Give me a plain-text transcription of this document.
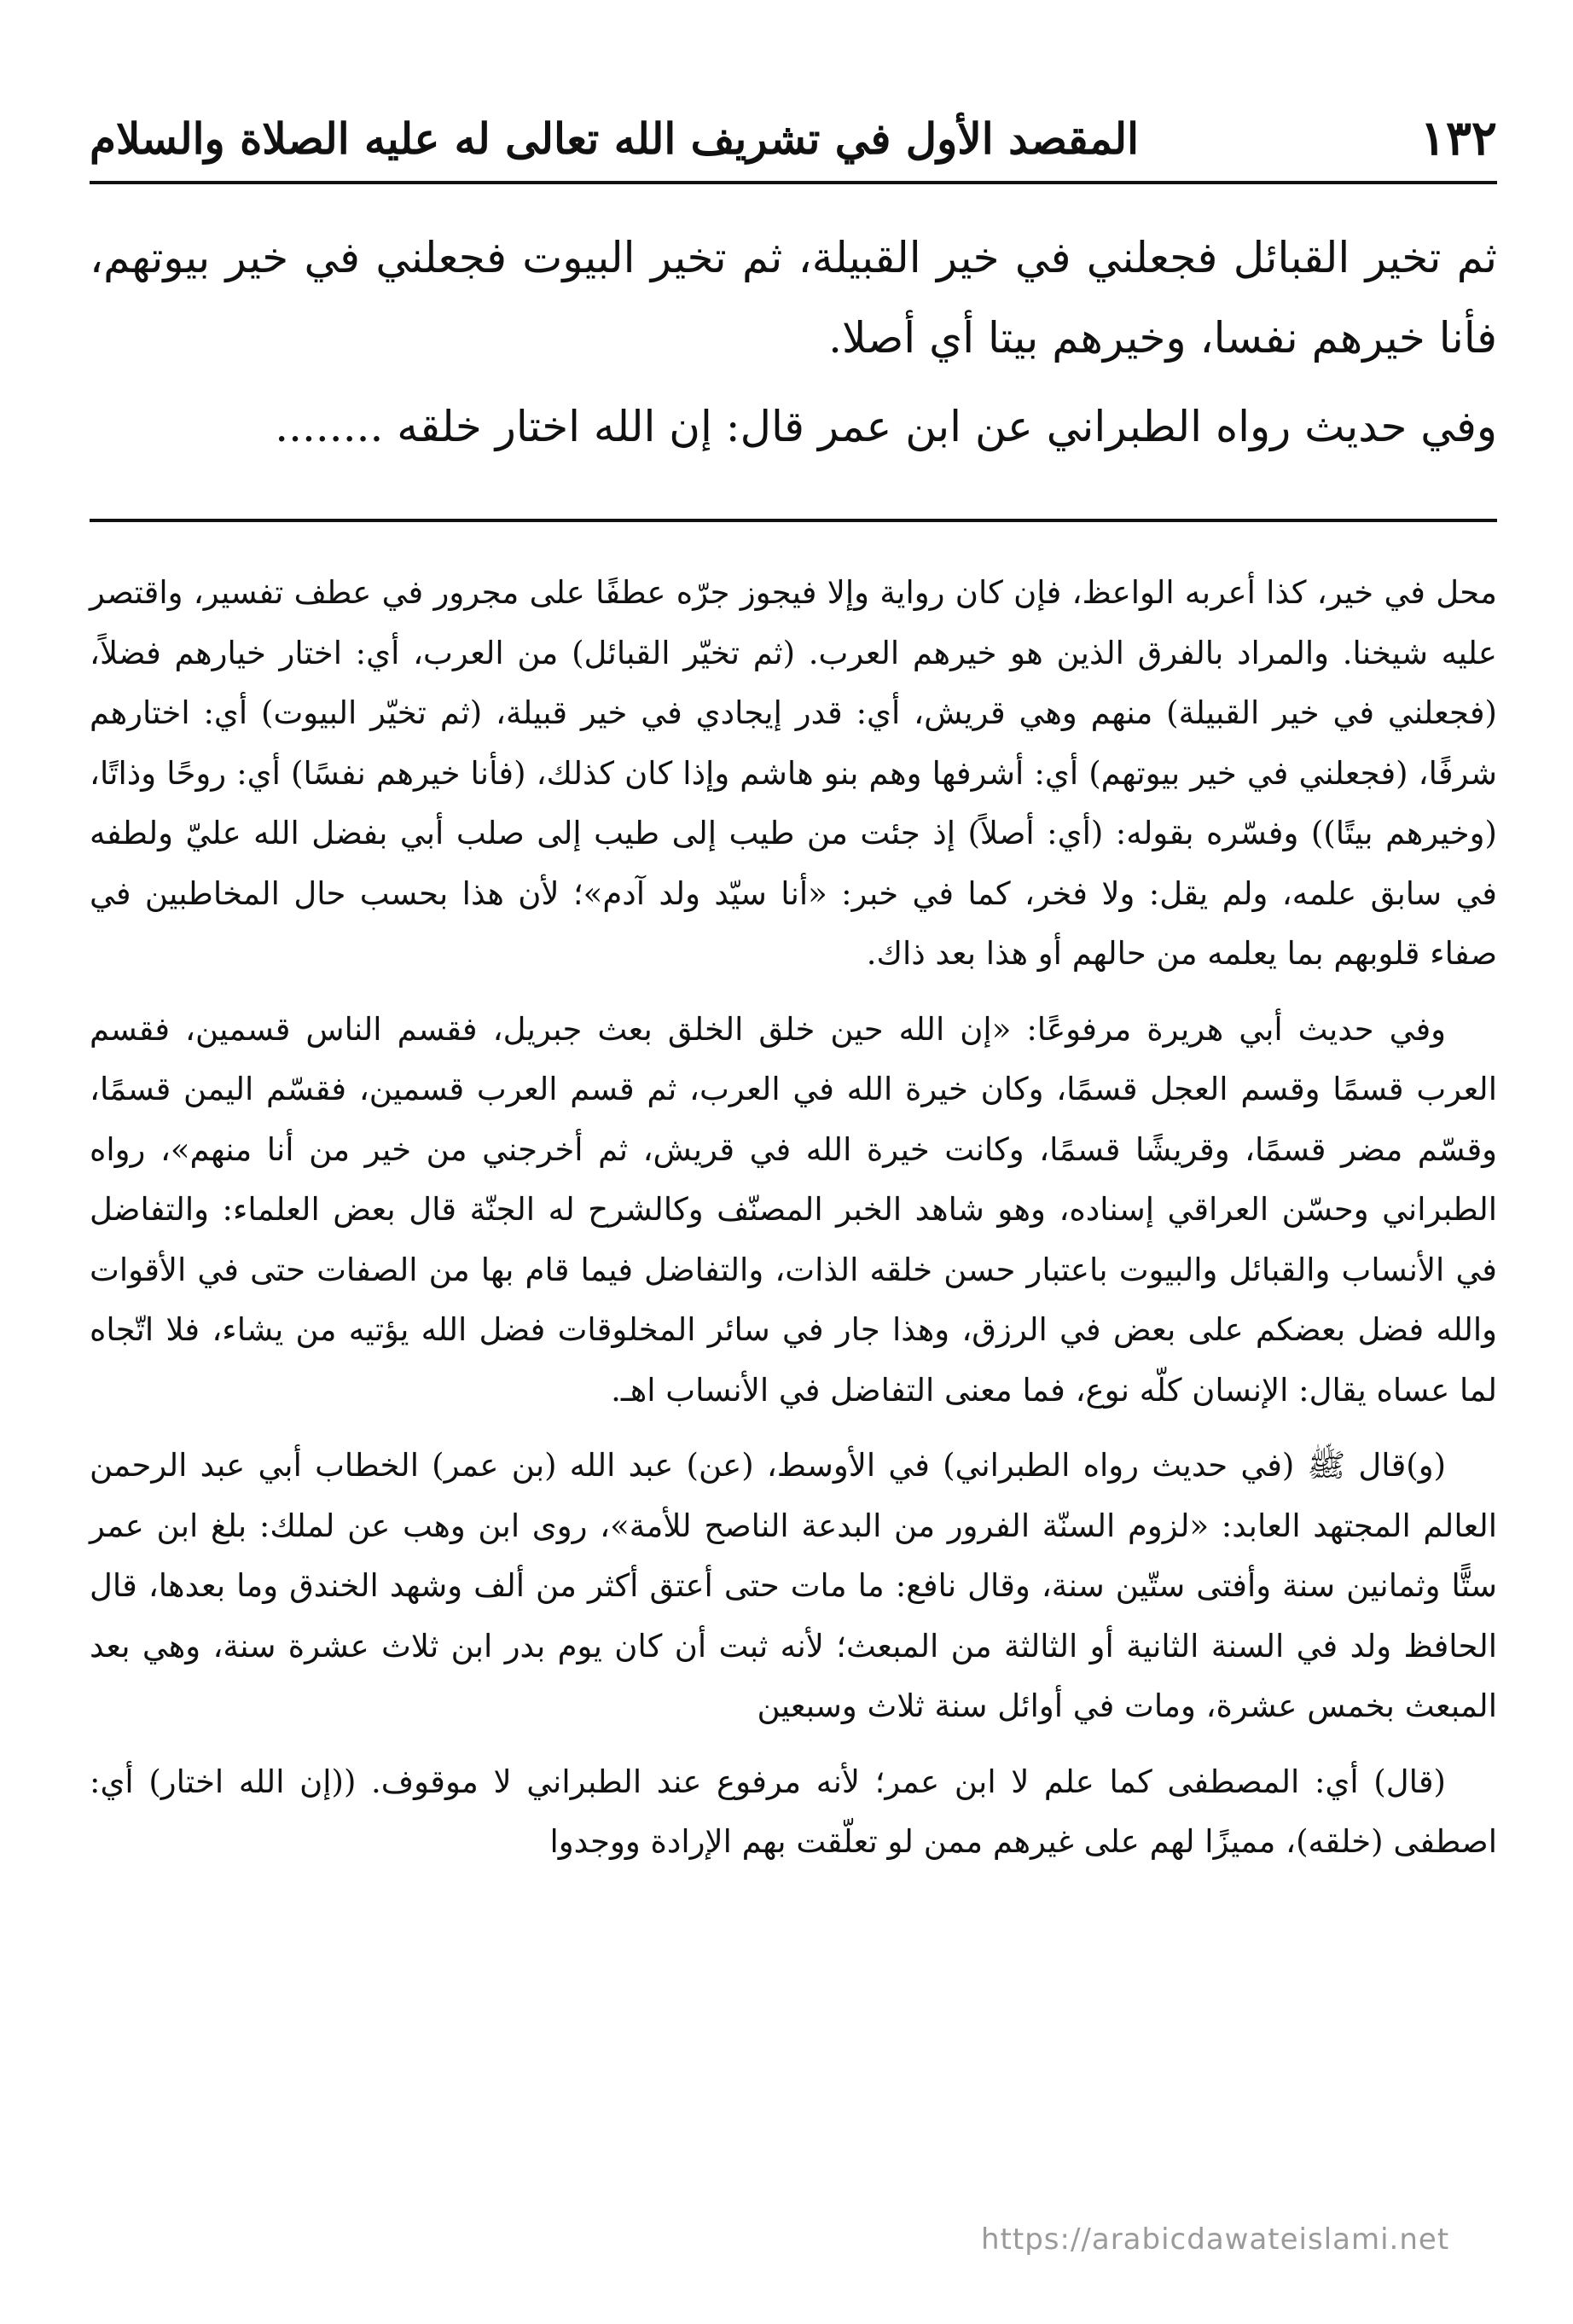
١٣٢
المقصد الأول في تشريف الله تعالى له عليه الصلاة والسلام

ثم تخير القبائل فجعلني في خير القبيلة، ثم تخير البيوت فجعلني في خير بيوتهم، فأنا خيرهم نفسا، وخيرهم بيتا أي أصلا.

وفي حديث رواه الطبراني عن ابن عمر قال: إن الله اختار خلقه ........

محل في خير، كذا أعربه الواعظ، فإن كان رواية وإلا فيجوز جرّه عطفًا على مجرور في عطف تفسير، واقتصر عليه شيخنا. والمراد بالفرق الذين هو خيرهم العرب. (ثم تخيّر القبائل) من العرب، أي: اختار خيارهم فضلاً، (فجعلني في خير القبيلة) منهم وهي قريش، أي: قدر إيجادي في خير قبيلة، (ثم تخيّر البيوت) أي: اختارهم شرفًا، (فجعلني في خير بيوتهم) أي: أشرفها وهم بنو هاشم وإذا كان كذلك، (فأنا خيرهم نفسًا) أي: روحًا وذاتًا، (وخيرهم بيتًا)) وفسّره بقوله: (أي: أصلاً) إذ جئت من طيب إلى طيب إلى صلب أبي بفضل الله عليّ ولطفه في سابق علمه، ولم يقل: ولا فخر، كما في خبر: «أنا سيّد ولد آدم»؛ لأن هذا بحسب حال المخاطبين في صفاء قلوبهم بما يعلمه من حالهم أو هذا بعد ذاك.

وفي حديث أبي هريرة مرفوعًا: «إن الله حين خلق الخلق بعث جبريل، فقسم الناس قسمين، فقسم العرب قسمًا وقسم العجل قسمًا، وكان خيرة الله في العرب، ثم قسم العرب قسمين، فقسّم اليمن قسمًا، وقسّم مضر قسمًا، وقريشًا قسمًا، وكانت خيرة الله في قريش، ثم أخرجني من خير من أنا منهم»، رواه الطبراني وحسّن العراقي إسناده، وهو شاهد الخبر المصنّف وكالشرح له الجنّة قال بعض العلماء: والتفاضل في الأنساب والقبائل والبيوت باعتبار حسن خلقه الذات، والتفاضل فيما قام بها من الصفات حتى في الأقوات والله فضل بعضكم على بعض في الرزق، وهذا جار في سائر المخلوقات فضل الله يؤتيه من يشاء، فلا اتّجاه لما عساه يقال: الإنسان كلّه نوع، فما معنى التفاضل في الأنساب اهـ.

(و)قال ﷺ (في حديث رواه الطبراني) في الأوسط، (عن) عبد الله (بن عمر) الخطاب أبي عبد الرحمن العالم المجتهد العابد: «لزوم السنّة الفرور من البدعة الناصح للأمة»، روى ابن وهب عن لملك: بلغ ابن عمر ستًّا وثمانين سنة وأفتى ستّين سنة، وقال نافع: ما مات حتى أعتق أكثر من ألف وشهد الخندق وما بعدها، قال الحافظ ولد في السنة الثانية أو الثالثة من المبعث؛ لأنه ثبت أن كان يوم بدر ابن ثلاث عشرة سنة، وهي بعد المبعث بخمس عشرة، ومات في أوائل سنة ثلاث وسبعين

(قال) أي: المصطفى كما علم لا ابن عمر؛ لأنه مرفوع عند الطبراني لا موقوف. ((إن الله اختار) أي: اصطفى (خلقه)، مميزًا لهم على غيرهم ممن لو تعلّقت بهم الإرادة ووجدوا

https://arabicdawateislami.net
